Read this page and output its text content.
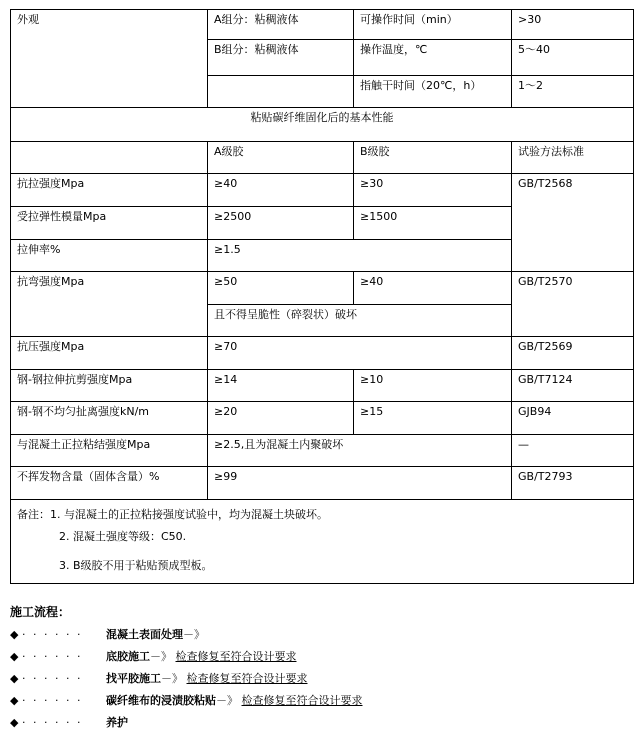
外观	A组分：粘稠液体	可操作时间（min）	>30
	B组分：粘稠液体	操作温度，℃	5～40
		指触干时间（20℃，h）	1～2
粘贴碳纤维固化后的基本性能			
	A级胶	B级胶	试验方法标准
抗拉强度Mpa	≥40	≥30	GB/T2568
受拉弹性模量Mpa	≥2500	≥1500	
拉伸率%	≥1.5		
抗弯强度Mpa	≥50	≥40	GB/T2570
	且不得呈脆性（碎裂状）破坏		
抗压强度Mpa	≥70		GB/T2569
钢-钢拉伸抗剪强度Mpa	≥14	≥10	GB/T7124
钢-钢不均匀扯离强度kN/m	≥20	≥15	GJB94
与混凝土正拉粘结强度Mpa	≥2.5,且为混凝土内聚破坏		—
不挥发物含量（固体含量）%	≥99		GB/T2793

备注：1. 与混凝土的正拉粘接强度试验中，均为混凝土块破坏。
2. 混凝土强度等级：C50.
3. B级胶不用于粘贴预成型板。			
施工流程：
◆ · · · · · · 混凝土表面处理－》
◆ · · · · · · 底胶施工－》 检查修复至符合设计要求
◆ · · · · · · 找平胶施工－》 检查修复至符合设计要求
◆ · · · · · · 碳纤维布的浸渍胶粘贴－》 检查修复至符合设计要求
◆ · · · · · · 养护
